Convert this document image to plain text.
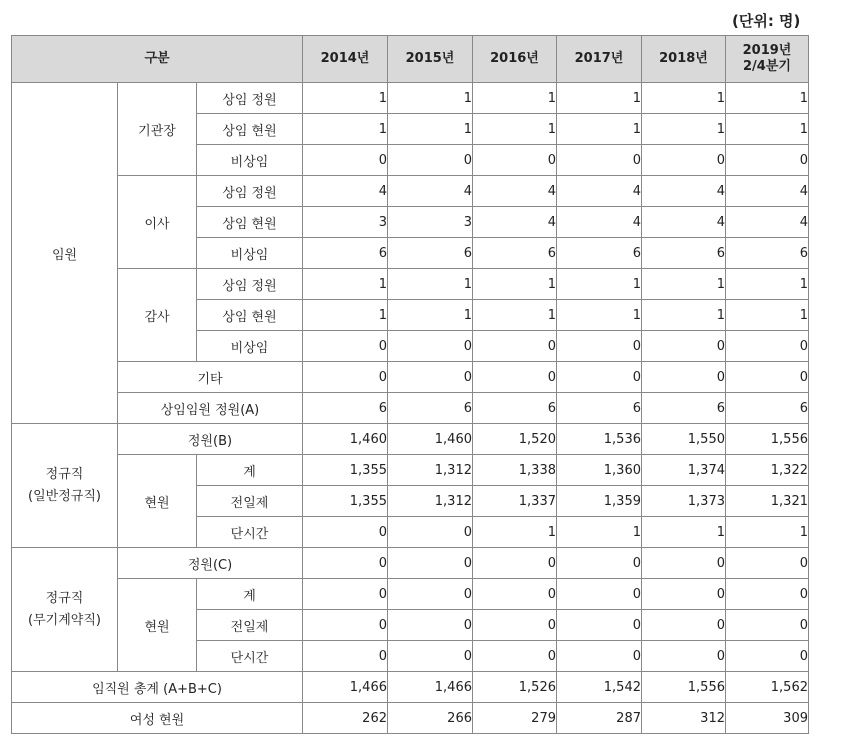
(단위: 명)
구분			2014년	2015년	2016년	2017년	2018년	2019년
2/4분기

임원	기관장	상임 정원	1	1	1	1	1	1
		상임 현원	1	1	1	1	1	1
		비상임	0	0	0	0	0	0
	이사	상임 정원	4	4	4	4	4	4
		상임 현원	3	3	4	4	4	4
		비상임	6	6	6	6	6	6
	감사	상임 정원	1	1	1	1	1	1
		상임 현원	1	1	1	1	1	1
		비상임	0	0	0	0	0	0
	기타		0	0	0	0	0	0
	상임임원 정원(A)		6	6	6	6	6	6

정규직
(일반정규직)	정원(B)		1,460	1,460	1,520	1,536	1,550	1,556
	현원	계	1,355	1,312	1,338	1,360	1,374	1,322
		전일제	1,355	1,312	1,337	1,359	1,373	1,321
		단시간	0	0	1	1	1	1

정규직
(무기계약직)	정원(C)		0	0	0	0	0	0
	현원	계	0	0	0	0	0	0
		전일제	0	0	0	0	0	0
		단시간	0	0	0	0	0	0
임직원 총계 (A+B+C)			1,466	1,466	1,526	1,542	1,556	1,562
여성 현원			262	266	279	287	312	309
